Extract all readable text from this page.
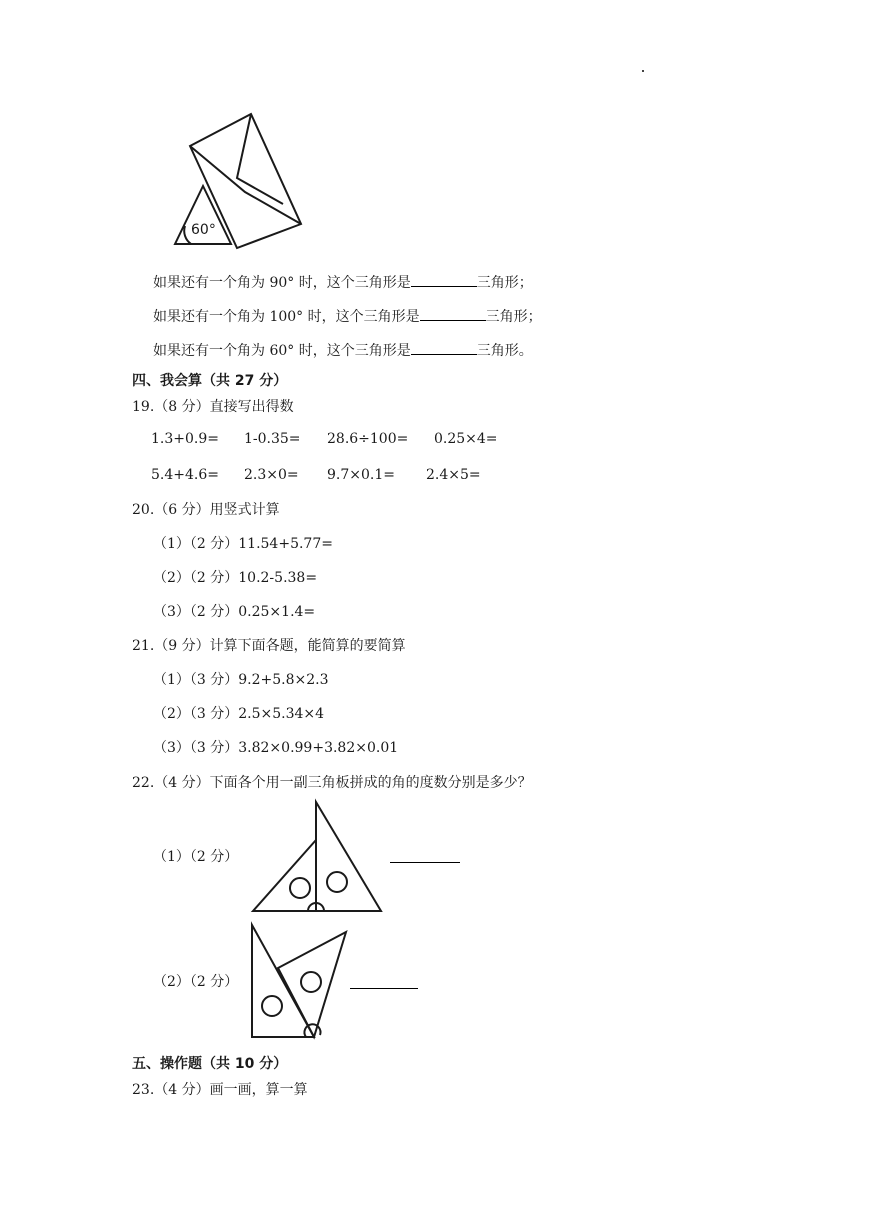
60°
如果还有一个角为 90° 时，这个三角形是	三角形；
如果还有一个角为 100° 时，这个三角形是	三角形；
如果还有一个角为 60° 时，这个三角形是	三角形。
四、我会算（共 27 分）
19.（8 分）直接写出得数
1.3+0.9= 1-0.35= 28.6÷100= 0.25×4=
5.4+4.6= 2.3×0= 9.7×0.1= 2.4×5=
20.（6 分）用竖式计算
（1）（2 分）11.54+5.77=
（2）（2 分）10.2-5.38=
（3）（2 分）0.25×1.4=
21.（9 分）计算下面各题，能简算的要简算
（1）（3 分）9.2+5.8×2.3
（2）（3 分）2.5×5.34×4
（3）（3 分）3.82×0.99+3.82×0.01
22.（4 分）下面各个用一副三角板拼成的角的度数分别是多少？
（1）（2 分）
（2）（2 分）
五、操作题（共 10 分）
23.（4 分）画一画，算一算
